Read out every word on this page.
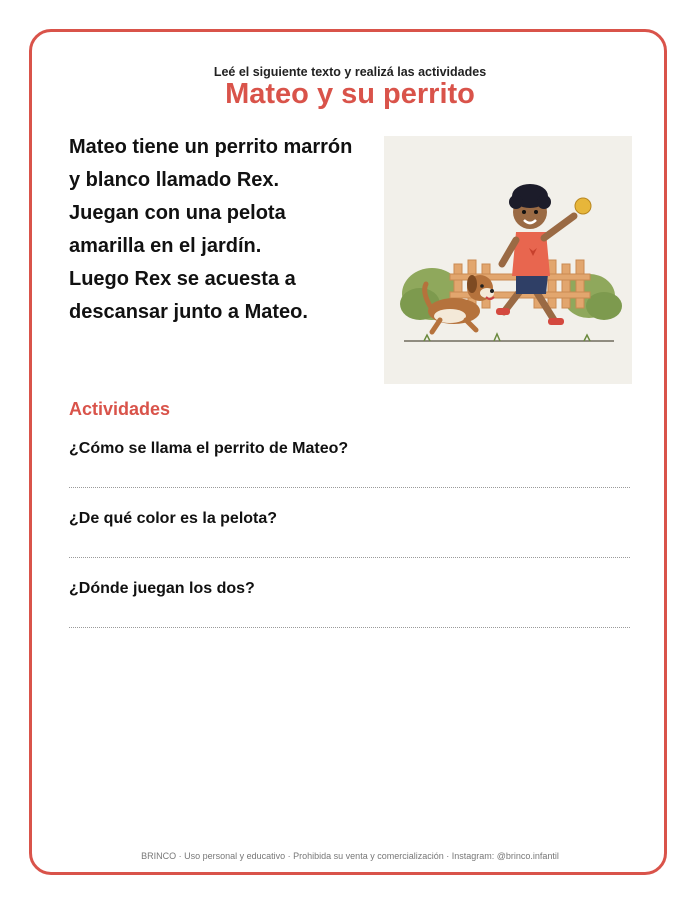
Leé el siguiente texto y realizá las actividades
Mateo y su perrito
Mateo tiene un perrito marrón
y blanco llamado Rex.
Juegan con una pelota
amarilla en el jardín.
Luego Rex se acuesta a
descansar junto a Mateo.
Actividades
¿Cómo se llama el perrito de Mateo?
¿De qué color es la pelota?
¿Dónde juegan los dos?
BRINCO · Uso personal y educativo · Prohibida su venta y comercialización · Instagram: @brinco.infantil
